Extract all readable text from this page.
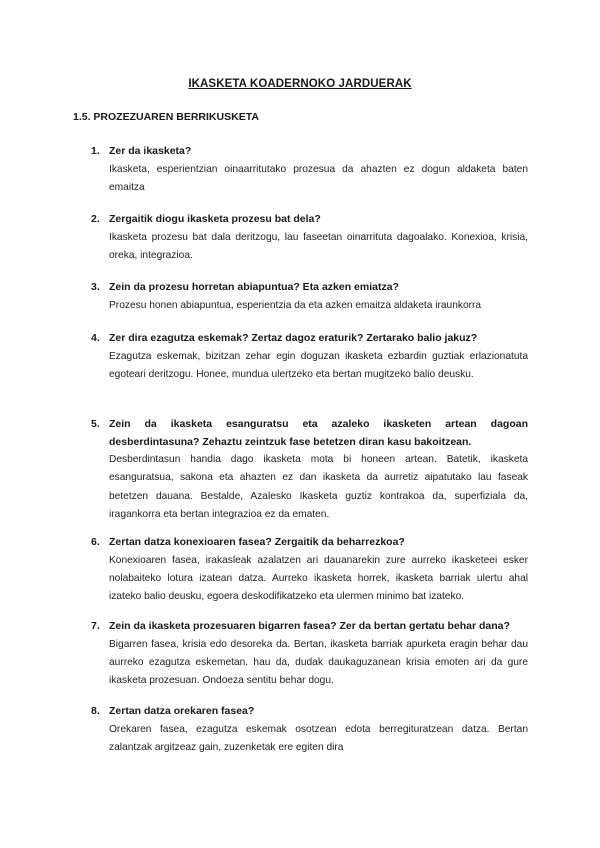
IKASKETA KOADERNOKO JARDUERAK
1.5. PROZEZUAREN BERRIKUSKETA
1. Zer da ikasketa?
Ikasketa, esperientzian oinaarritutako prozesua da ahazten ez dogun aldaketa baten emaitza
2. Zergaitik diogu ikasketa prozesu bat dela?
Ikasketa prozesu bat dala deritzogu, lau faseetan oinarrituta dagoalako. Konexioa, krisia, oreka, integrazioa.
3. Zein da prozesu horretan abiapuntua? Eta azken emiatza?
Prozesu honen abiapuntua, esperientzia da eta azken emaitza aldaketa iraunkorra
4. Zer dira ezagutza eskemak? Zertaz dagoz eraturik? Zertarako balio jakuz?
Ezagutza eskemak, bizitzan zehar egin doguzan ikasketa ezbardin guztiak erlazionatuta egoteari deritzogu. Honee, mundua ulertzeko eta bertan mugitzeko balio deusku.
5. Zein da ikasketa esanguratsu eta azaleko ikasketen artean dagoan desberdintasuna? Zehaztu zeintzuk fase betetzen diran kasu bakoitzean.
Desberdintasun handia dago ikasketa mota bi honeen artean. Batetik, ikasketa esanguratsua, sakona eta ahazten ez dan ikasketa da aurretiz aipatutako lau faseak betetzen dauana. Bestalde, Azalesko Ikasketa guztiz kontrakoa da, superfiziala da, iragankorra eta bertan integrazioa ez da ematen.
6. Zertan datza konexioaren fasea? Zergaitik da beharrezkoa?
Konexioaren fasea, irakasleak azalatzen ari dauanarekin zure aurreko ikasketeei esker nolabaiteko lotura izatean datza. Aurreko ikasketa horrek, ikasketa barriak ulertu ahal izateko balio deusku, egoera deskodifikatzeko eta ulermen minimo bat izateko.
7. Zein da ikasketa prozesuaren bigarren fasea? Zer da bertan gertatu behar dana?
Bigarren fasea, krisia edo desoreka da. Bertan, ikasketa barriak apurketa eragin behar dau aurreko ezagutza eskemetan. hau da, dudak daukaguzanean krisia emoten ari da gure ikasketa prozesuan. Ondoeza sentitu behar dogu.
8. Zertan datza orekaren fasea?
Orekaren fasea, ezagutza eskemak osotzean edota berregituratzean datza. Bertan zalantzak argitzeaz gain, zuzenketak ere egiten dira
